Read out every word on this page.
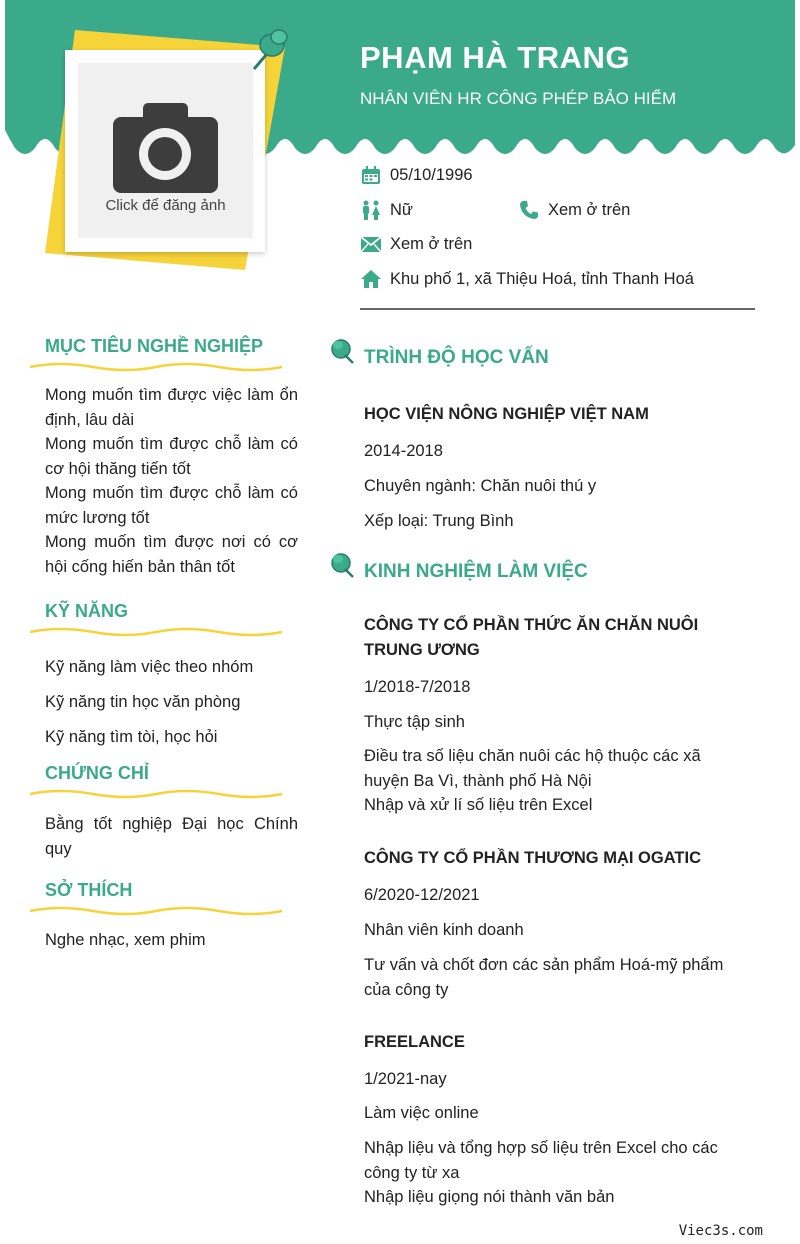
Click để đăng ảnh
PHẠM HÀ TRANG
NHÂN VIÊN HR CÔNG PHÉP BẢO HIỂM
05/10/1996
Nữ	Xem ở trên
Xem ở trên
Khu phố 1, xã Thiệu Hoá, tỉnh Thanh Hoá
MỤC TIÊU NGHỀ NGHIỆP
Mong muốn tìm được việc làm ổn định, lâu dài
Mong muốn tìm được chỗ làm có cơ hội thăng tiến tốt
Mong muốn tìm được chỗ làm có mức lương tốt
Mong muốn tìm được nơi có cơ hội cống hiến bản thân tốt
KỸ NĂNG
Kỹ năng làm việc theo nhóm
Kỹ năng tin học văn phòng
Kỹ năng tìm tòi, học hỏi
CHỨNG CHỈ
Bằng tốt nghiệp Đại học Chính quy
SỞ THÍCH
Nghe nhạc, xem phim
TRÌNH ĐỘ HỌC VẤN
HỌC VIỆN NÔNG NGHIỆP VIỆT NAM
2014-2018
Chuyên ngành: Chăn nuôi thú y
Xếp loại: Trung Bình
KINH NGHIỆM LÀM VIỆC
CÔNG TY CỔ PHẦN THỨC ĂN CHĂN NUÔI TRUNG ƯƠNG
1/2018-7/2018
Thực tập sinh
Điều tra số liệu chăn nuôi các hộ thuộc các xã huyện Ba Vì, thành phố Hà Nội
Nhập và xử lí số liệu trên Excel
CÔNG TY CỔ PHẦN THƯƠNG MẠI OGATIC
6/2020-12/2021
Nhân viên kinh doanh
Tư vấn và chốt đơn các sản phẩm Hoá-mỹ phẩm của công ty
FREELANCE
1/2021-nay
Làm việc online
Nhập liệu và tổng hợp số liệu trên Excel cho các công ty từ xa
Nhập liệu giọng nói thành văn bản
Viec3s.com
